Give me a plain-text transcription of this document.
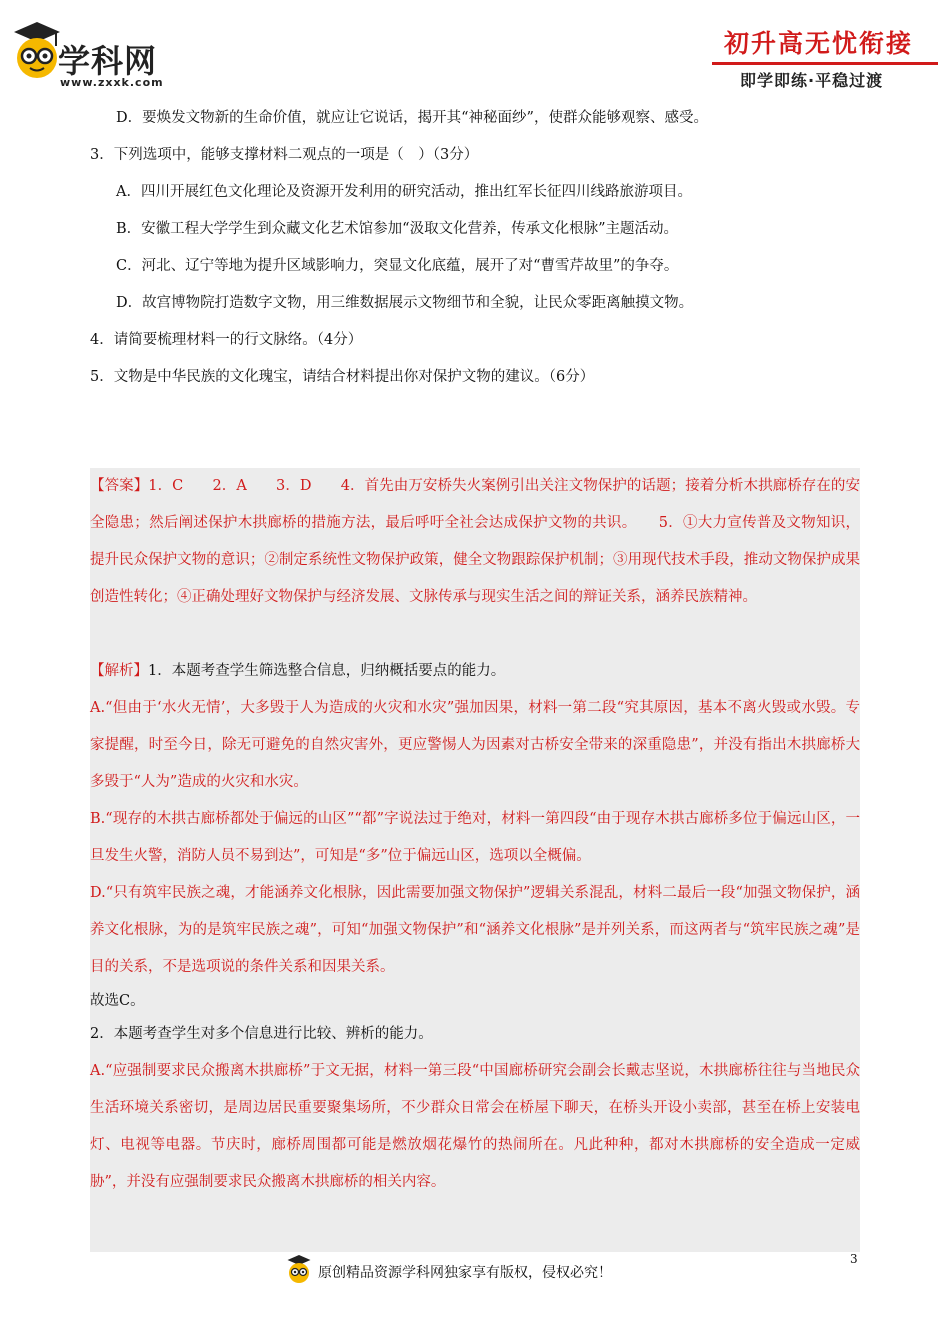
学科网
www.zxxk.com
初升高无忧衔接
即学即练·平稳过渡
D．要焕发文物新的生命价值，就应让它说话，揭开其“神秘面纱”，使群众能够观察、感受。
3．下列选项中，能够支撑材料二观点的一项是（　）（3分）
A．四川开展红色文化理论及资源开发利用的研究活动，推出红军长征四川线路旅游项目。
B．安徽工程大学学生到众藏文化艺术馆参加“汲取文化营养，传承文化根脉”主题活动。
C．河北、辽宁等地为提升区域影响力，突显文化底蕴，展开了对“曹雪芹故里”的争夺。
D．故宫博物院打造数字文物，用三维数据展示文物细节和全貌，让民众零距离触摸文物。
4．请简要梳理材料一的行文脉络。（4分）
5．文物是中华民族的文化瑰宝，请结合材料提出你对保护文物的建议。（6分）
【答案】1．C　　2．A　　3．D　　4．首先由万安桥失火案例引出关注文物保护的话题；接着分析木拱廊桥存在的安全隐患；然后阐述保护木拱廊桥的措施方法，最后呼吁全社会达成保护文物的共识。　　5．①大力宣传普及文物知识，提升民众保护文物的意识；②制定系统性文物保护政策，健全文物跟踪保护机制；③用现代技术手段，推动文物保护成果创造性转化；④正确处理好文物保护与经济发展、文脉传承与现实生活之间的辩证关系，涵养民族精神。
【解析】1．本题考查学生筛选整合信息，归纳概括要点的能力。
A.“但由于‘水火无情’，大多毁于人为造成的火灾和水灾”强加因果，材料一第二段“究其原因，基本不离火毁或水毁。专家提醒，时至今日，除无可避免的自然灾害外，更应警惕人为因素对古桥安全带来的深重隐患”，并没有指出木拱廊桥大多毁于“人为”造成的火灾和水灾。
B.“现存的木拱古廊桥都处于偏远的山区”“都”字说法过于绝对，材料一第四段“由于现存木拱古廊桥多位于偏远山区，一旦发生火警，消防人员不易到达”，可知是“多”位于偏远山区，选项以全概偏。
D.“只有筑牢民族之魂，才能涵养文化根脉，因此需要加强文物保护”逻辑关系混乱，材料二最后一段“加强文物保护，涵养文化根脉，为的是筑牢民族之魂”，可知“加强文物保护”和“涵养文化根脉”是并列关系，而这两者与“筑牢民族之魂”是目的关系，不是选项说的条件关系和因果关系。
故选C。
2．本题考查学生对多个信息进行比较、辨析的能力。
A.“应强制要求民众搬离木拱廊桥”于文无据，材料一第三段“中国廊桥研究会副会长戴志坚说，木拱廊桥往往与当地民众生活环境关系密切，是周边居民重要聚集场所，不少群众日常会在桥屋下聊天，在桥头开设小卖部，甚至在桥上安装电灯、电视等电器。节庆时，廊桥周围都可能是燃放烟花爆竹的热闹所在。凡此种种，都对木拱廊桥的安全造成一定威胁”，并没有应强制要求民众搬离木拱廊桥的相关内容。
原创精品资源学科网独家享有版权，侵权必究！
3
